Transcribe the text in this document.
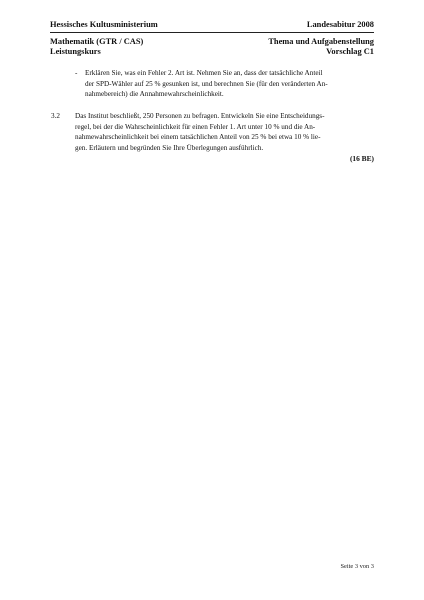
Hessisches Kultusministerium	Landesabitur 2008
Mathematik (GTR / CAS)	Thema und Aufgabenstellung
Leistungskurs	Vorschlag C1
- Erklären Sie, was ein Fehler 2. Art ist. Nehmen Sie an, dass der tatsächliche Anteil
der SPD-Wähler auf 25 % gesunken ist, und berechnen Sie (für den veränderten An-
nahmebereich) die Annahmewahrscheinlichkeit.
3.2 Das Institut beschließt, 250 Personen zu befragen. Entwickeln Sie eine Entscheidungs-
regel, bei der die Wahrscheinlichkeit für einen Fehler 1. Art unter 10 % und die An-
nahmewahrscheinlichkeit bei einem tatsächlichen Anteil von 25 % bei etwa 10 % lie-
gen. Erläutern und begründen Sie Ihre Überlegungen ausführlich.
(16 BE)
Seite 3 von 3
